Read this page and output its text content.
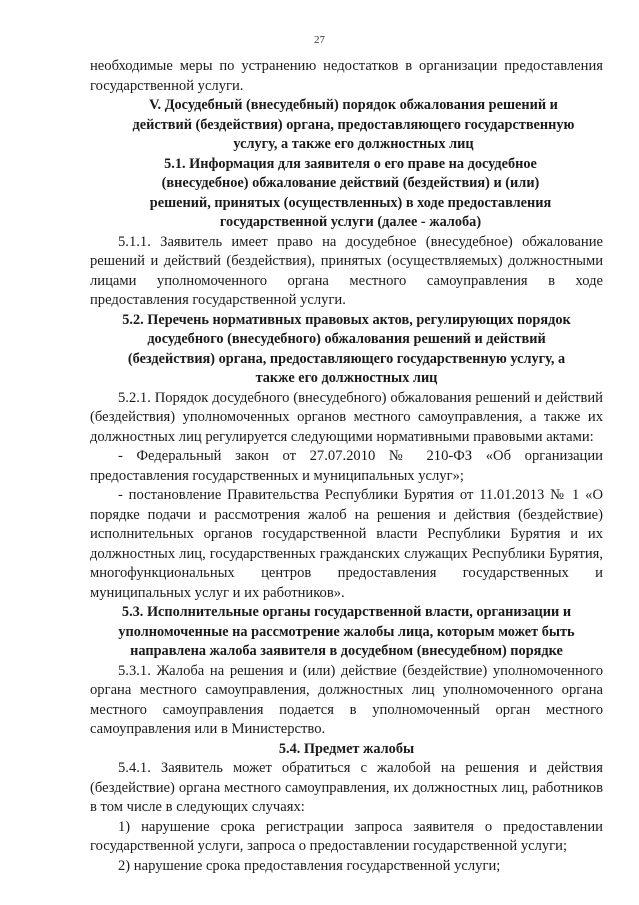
27

необходимые меры по устранению недостатков в организации предоставления государственной услуги.

V. Досудебный (внесудебный) порядок обжалования решений и действий (бездействия) органа, предоставляющего государственную услугу, а также его должностных лиц

5.1. Информация для заявителя о его праве на досудебное (внесудебное) обжалование действий (бездействия) и (или) решений, принятых (осуществленных) в ходе предоставления государственной услуги (далее - жалоба)

5.1.1. Заявитель имеет право на досудебное (внесудебное) обжалование решений и действий (бездействия), принятых (осуществляемых) должностными лицами уполномоченного органа местного самоуправления в ходе предоставления государственной услуги.

5.2. Перечень нормативных правовых актов, регулирующих порядок досудебного (внесудебного) обжалования решений и действий (бездействия) органа, предоставляющего государственную услугу, а также его должностных лиц

5.2.1. Порядок досудебного (внесудебного) обжалования решений и действий (бездействия) уполномоченных органов местного самоуправления, а также их должностных лиц регулируется следующими нормативными правовыми актами:

- Федеральный закон от 27.07.2010 № 210-ФЗ «Об организации предоставления государственных и муниципальных услуг»;

- постановление Правительства Республики Бурятия от 11.01.2013 № 1 «О порядке подачи и рассмотрения жалоб на решения и действия (бездействие) исполнительных органов государственной власти Республики Бурятия и их должностных лиц, государственных гражданских служащих Республики Бурятия, многофункциональных центров предоставления государственных и муниципальных услуг и их работников».

5.3. Исполнительные органы государственной власти, организации и уполномоченные на рассмотрение жалобы лица, которым может быть направлена жалоба заявителя в досудебном (внесудебном) порядке

5.3.1. Жалоба на решения и (или) действие (бездействие) уполномоченного органа местного самоуправления, должностных лиц уполномоченного органа местного самоуправления подается в уполномоченный орган местного самоуправления или в Министерство.

5.4. Предмет жалобы

5.4.1. Заявитель может обратиться с жалобой на решения и действия (бездействие) органа местного самоуправления, их должностных лиц, работников в том числе в следующих случаях:

1) нарушение срока регистрации запроса заявителя о предоставлении государственной услуги, запроса о предоставлении государственной услуги;

2) нарушение срока предоставления государственной услуги;
